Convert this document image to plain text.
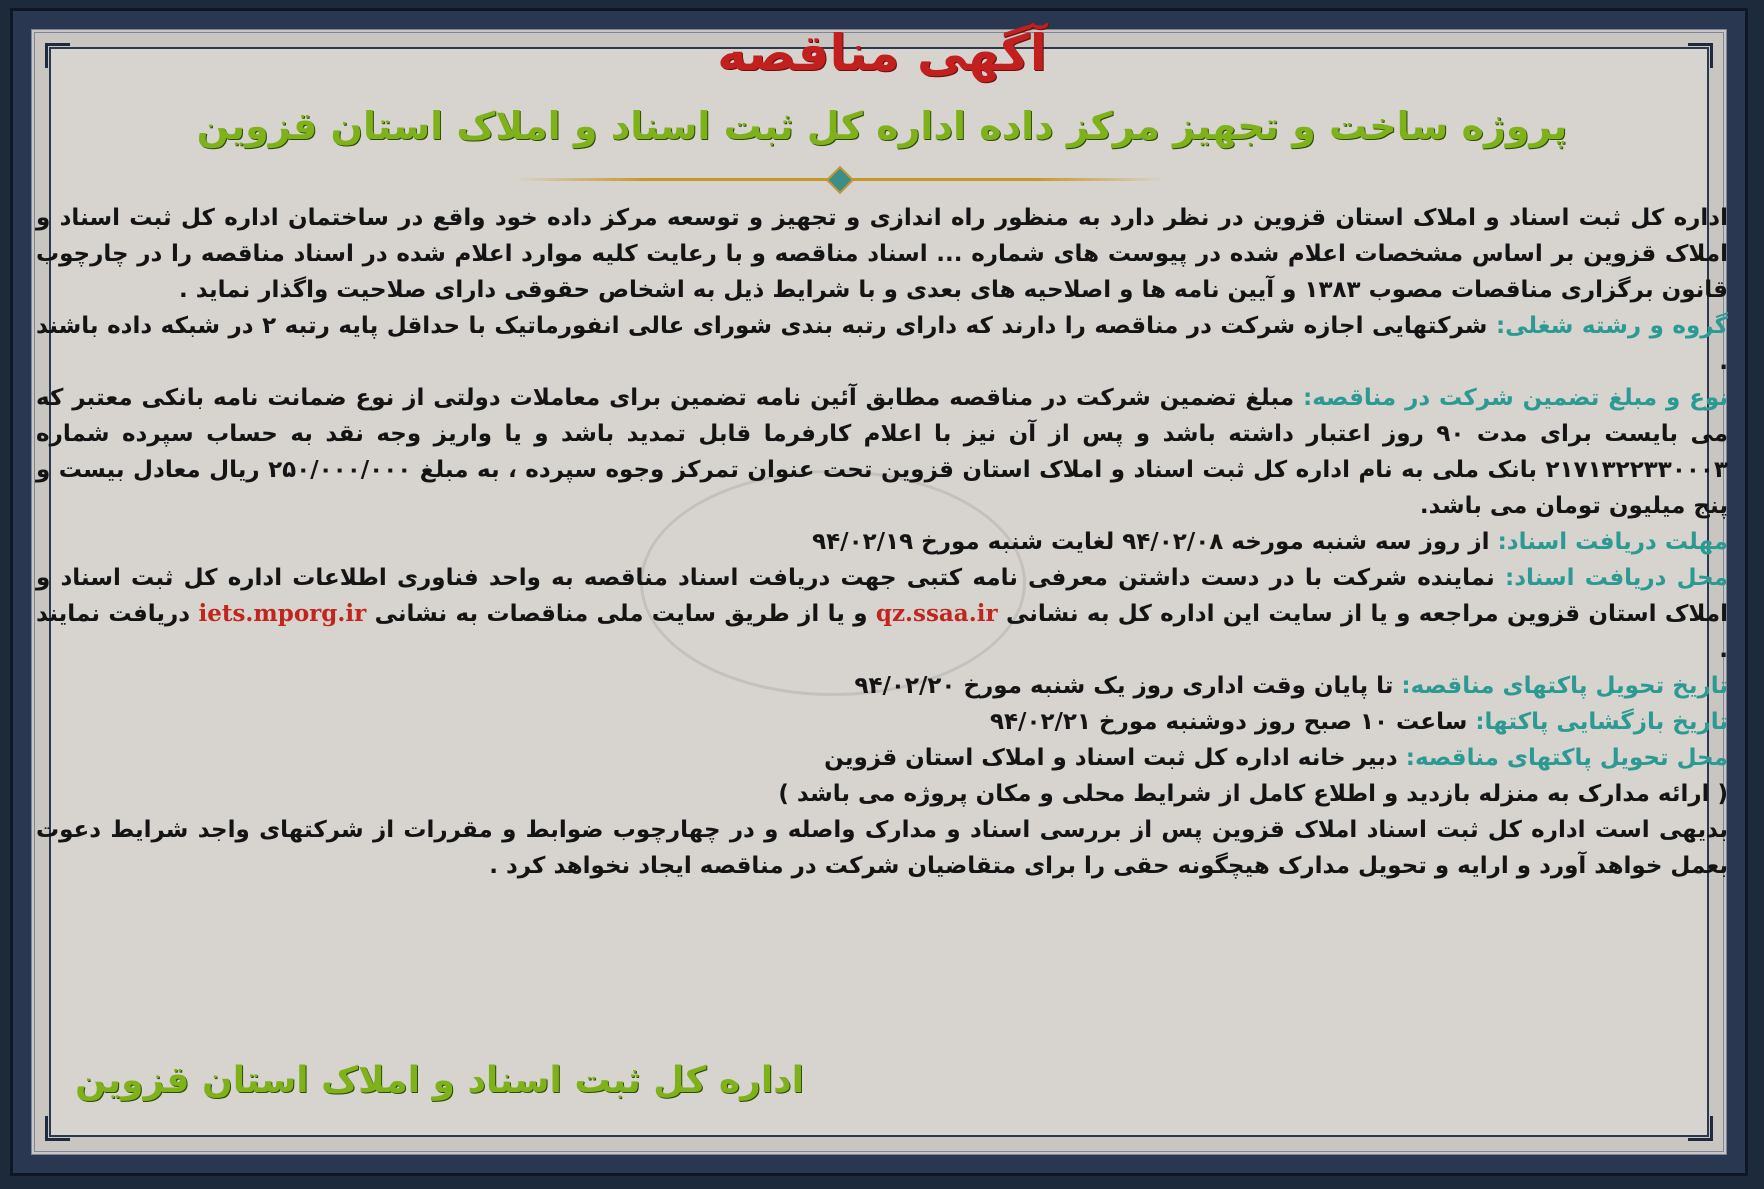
آگهی مناقصه
پروژه ساخت و تجهیز مرکز داده اداره کل ثبت اسناد و املاک استان قزوین

اداره کل ثبت اسناد و املاک استان قزوین در نظر دارد به منظور راه اندازی و تجهیز و توسعه مرکز داده خود واقع در ساختمان اداره کل ثبت اسناد و املاک قزوین بر اساس مشخصات اعلام شده در پیوست های شماره ... اسناد مناقصه و با رعایت کلیه موارد اعلام شده در اسناد مناقصه را در چارچوب قانون برگزاری مناقصات مصوب ۱۳۸۳ و آیین نامه ها و اصلاحیه های بعدی و با شرایط ذیل به اشخاص حقوقی دارای صلاحیت واگذار نماید .

گروه و رشته شغلی: شرکتهایی اجازه شرکت در مناقصه را دارند که دارای رتبه بندی شورای عالی انفورماتیک با حداقل پایه رتبه ۲ در شبکه داده باشند .

نوع و مبلغ تضمین شرکت در مناقصه: مبلغ تضمین شرکت در مناقصه مطابق آئین نامه تضمین برای معاملات دولتی از نوع ضمانت نامه بانکی معتبر که می بایست برای مدت ۹۰ روز اعتبار داشته باشد و پس از آن نیز با اعلام کارفرما قابل تمدید باشد و یا واریز وجه نقد به حساب سپرده شماره ۲۱۷۱۳۲۲۳۳۰۰۰۳ بانک ملی به نام اداره کل ثبت اسناد و املاک استان قزوین تحت عنوان تمرکز وجوه سپرده ، به مبلغ ۲۵۰/۰۰۰/۰۰۰ ریال معادل بیست و پنج میلیون تومان می باشد.

مهلت دریافت اسناد: از روز سه شنبه مورخه ۹۴/۰۲/۰۸ لغایت شنبه مورخ ۹۴/۰۲/۱۹

محل دریافت اسناد: نماینده شرکت با در دست داشتن معرفی نامه کتبی جهت دریافت اسناد مناقصه به واحد فناوری اطلاعات اداره کل ثبت اسناد و املاک استان قزوین مراجعه و یا از سایت این اداره کل به نشانی qz.ssaa.ir و یا از طریق سایت ملی مناقصات به نشانی iets.mporg.ir دریافت نمایند .

تاریخ تحویل پاکتهای مناقصه: تا پایان وقت اداری روز یک شنبه مورخ ۹۴/۰۲/۲۰

تاریخ بازگشایی پاکتها: ساعت ۱۰ صبح روز دوشنبه مورخ ۹۴/۰۲/۲۱

محل تحویل پاکتهای مناقصه: دبیر خانه اداره کل ثبت اسناد و املاک استان قزوین

( ارائه مدارک به منزله بازدید و اطلاع کامل از شرایط محلی و مکان پروژه می باشد )

بدیهی است اداره کل ثبت اسناد املاک قزوین پس از بررسی اسناد و مدارک واصله و در چهارچوب ضوابط و مقررات از شرکتهای واجد شرایط دعوت بعمل خواهد آورد و ارایه و تحویل مدارک هیچگونه حقی را برای متقاضیان شرکت در مناقصه ایجاد نخواهد کرد .

اداره کل ثبت اسناد و املاک استان قزوین
